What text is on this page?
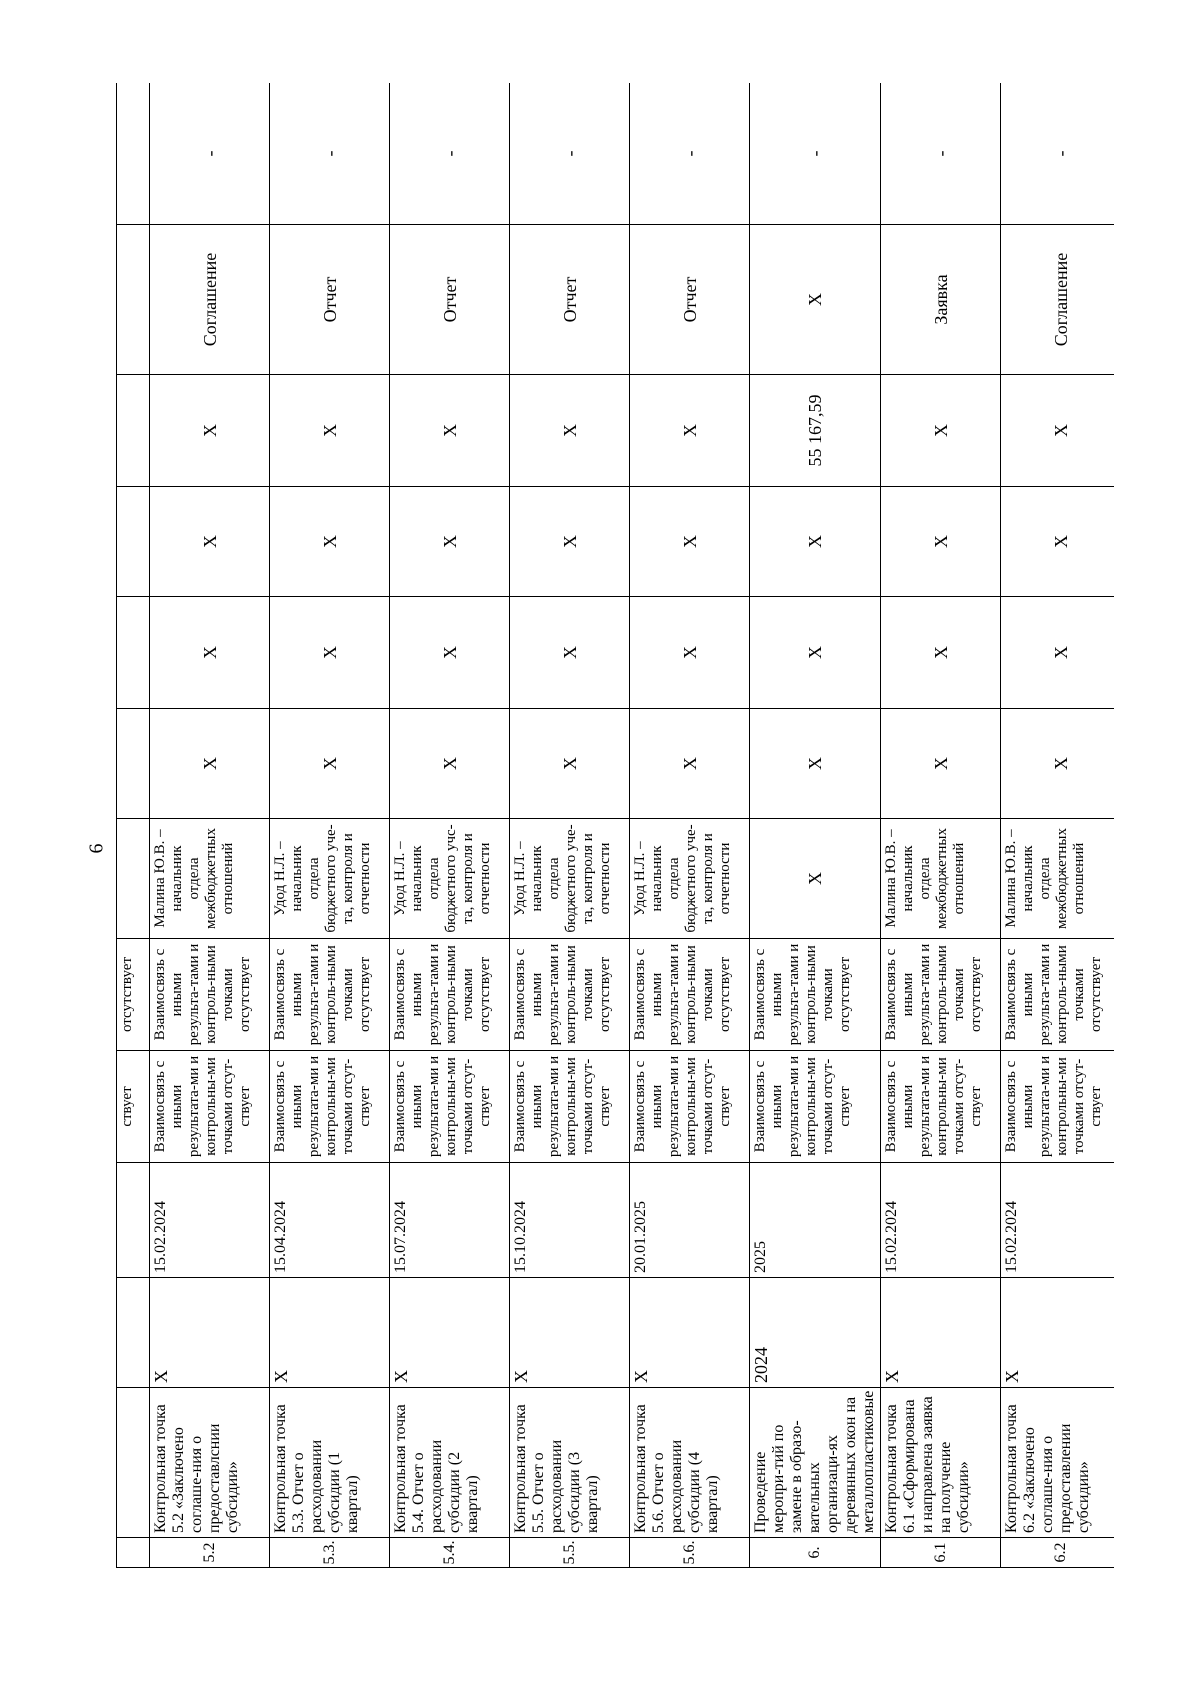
6
				ствует	отсутствует							
5.2	Контрольная точка 5.2 «Заключено соглаше-ния о предоставлснии субсидии»	X	15.02.2024	Взаимосвязь с иными результата-ми и контрольны-ми точками отсут-ствует	Взаимосвязь с иными результа-тами и контроль-ными точками отсутствует	Малина Ю.В. – начальник отдела межбюджетных отношений	X	X	X	X	Соглашение	-
5.3.	Контрольная точка 5.3. Отчет о расходовании субсидии (1 квартал)	X	15.04.2024	Взаимосвязь с иными результата-ми и контрольны-ми точками отсут-ствует	Взаимосвязь с иными результа-тами и контроль-ными точками отсутствует	Удод Н.Л. – начальник отдела бюджетного уче-та, контроля и отчетности	X	X	X	X	Отчет	-
5.4.	Контрольная точка 5.4. Отчет о расходовании субсидии (2 квартал)	X	15.07.2024	Взаимосвязь с иными результата-ми и контрольны-ми точками отсут-ствует	Взаимосвязь с иными результа-тами и контроль-ными точками отсутствует	Удод Н.Л. – начальник отдела бюджетного учс-та, контроля и отчетности	X	X	X	X	Отчет	-
5.5.	Контрольная точка 5.5. Отчет о расходовании субсидии (3 квартал)	X	15.10.2024	Взаимосвязь с иными результата-ми и контрольны-ми точками отсут-ствует	Взаимосвязь с иными результа-тами и контроль-ными точками отсутствует	Удод Н.Л. – начальник отдела бюджетного уче-та, контроля и отчетности	X	X	X	X	Отчет	-
5.6.	Контрольная точка 5.6. Отчет о расходовании субсидии (4 квартал)	X	20.01.2025	Взаимосвязь с иными результата-ми и контрольны-ми точками отсут-ствует	Взаимосвязь с иными результа-тами и контроль-ными точками отсутствует	Удод Н.Л. – начальник отдела бюджетного уче-та, контроля и отчетности	X	X	X	X	Отчет	-
6.	Проведение меропри-тий по замене в образо-вательных организаци-ях деревянных окон на металлопластиковые	2024	2025	Взаимосвязь с иными результата-ми и контрольны-ми точками отсут-ствует	Взаимосвязь с иными результа-тами и контроль-ными точками отсутствует	X	X	X	X	55 167,59	X	-
6.1	Контрольная точка 6.1 «Сформирована и направлена заявка на получение субсидии»	X	15.02.2024	Взаимосвязь с иными результата-ми и контрольны-ми точками отсут-ствует	Взаимосвязь с иными результа-тами и контроль-ными точками отсутствует	Малина Ю.В. – начальник отдела межбюджетных отношений	X	X	X	X	Заявка	-
6.2	Контрольная точка 6.2 «Заключено соглаше-ния о предоставлении субсидии»	X	15.02.2024	Взаимосвязь с иными результата-ми и контрольны-ми точками отсут-ствует	Взаимосвязь с иными результа-тами и контроль-ными точками отсутствует	Малина Ю.В. – начальник отдела межбюджетных отношений	X	X	X	X	Соглашение	-
